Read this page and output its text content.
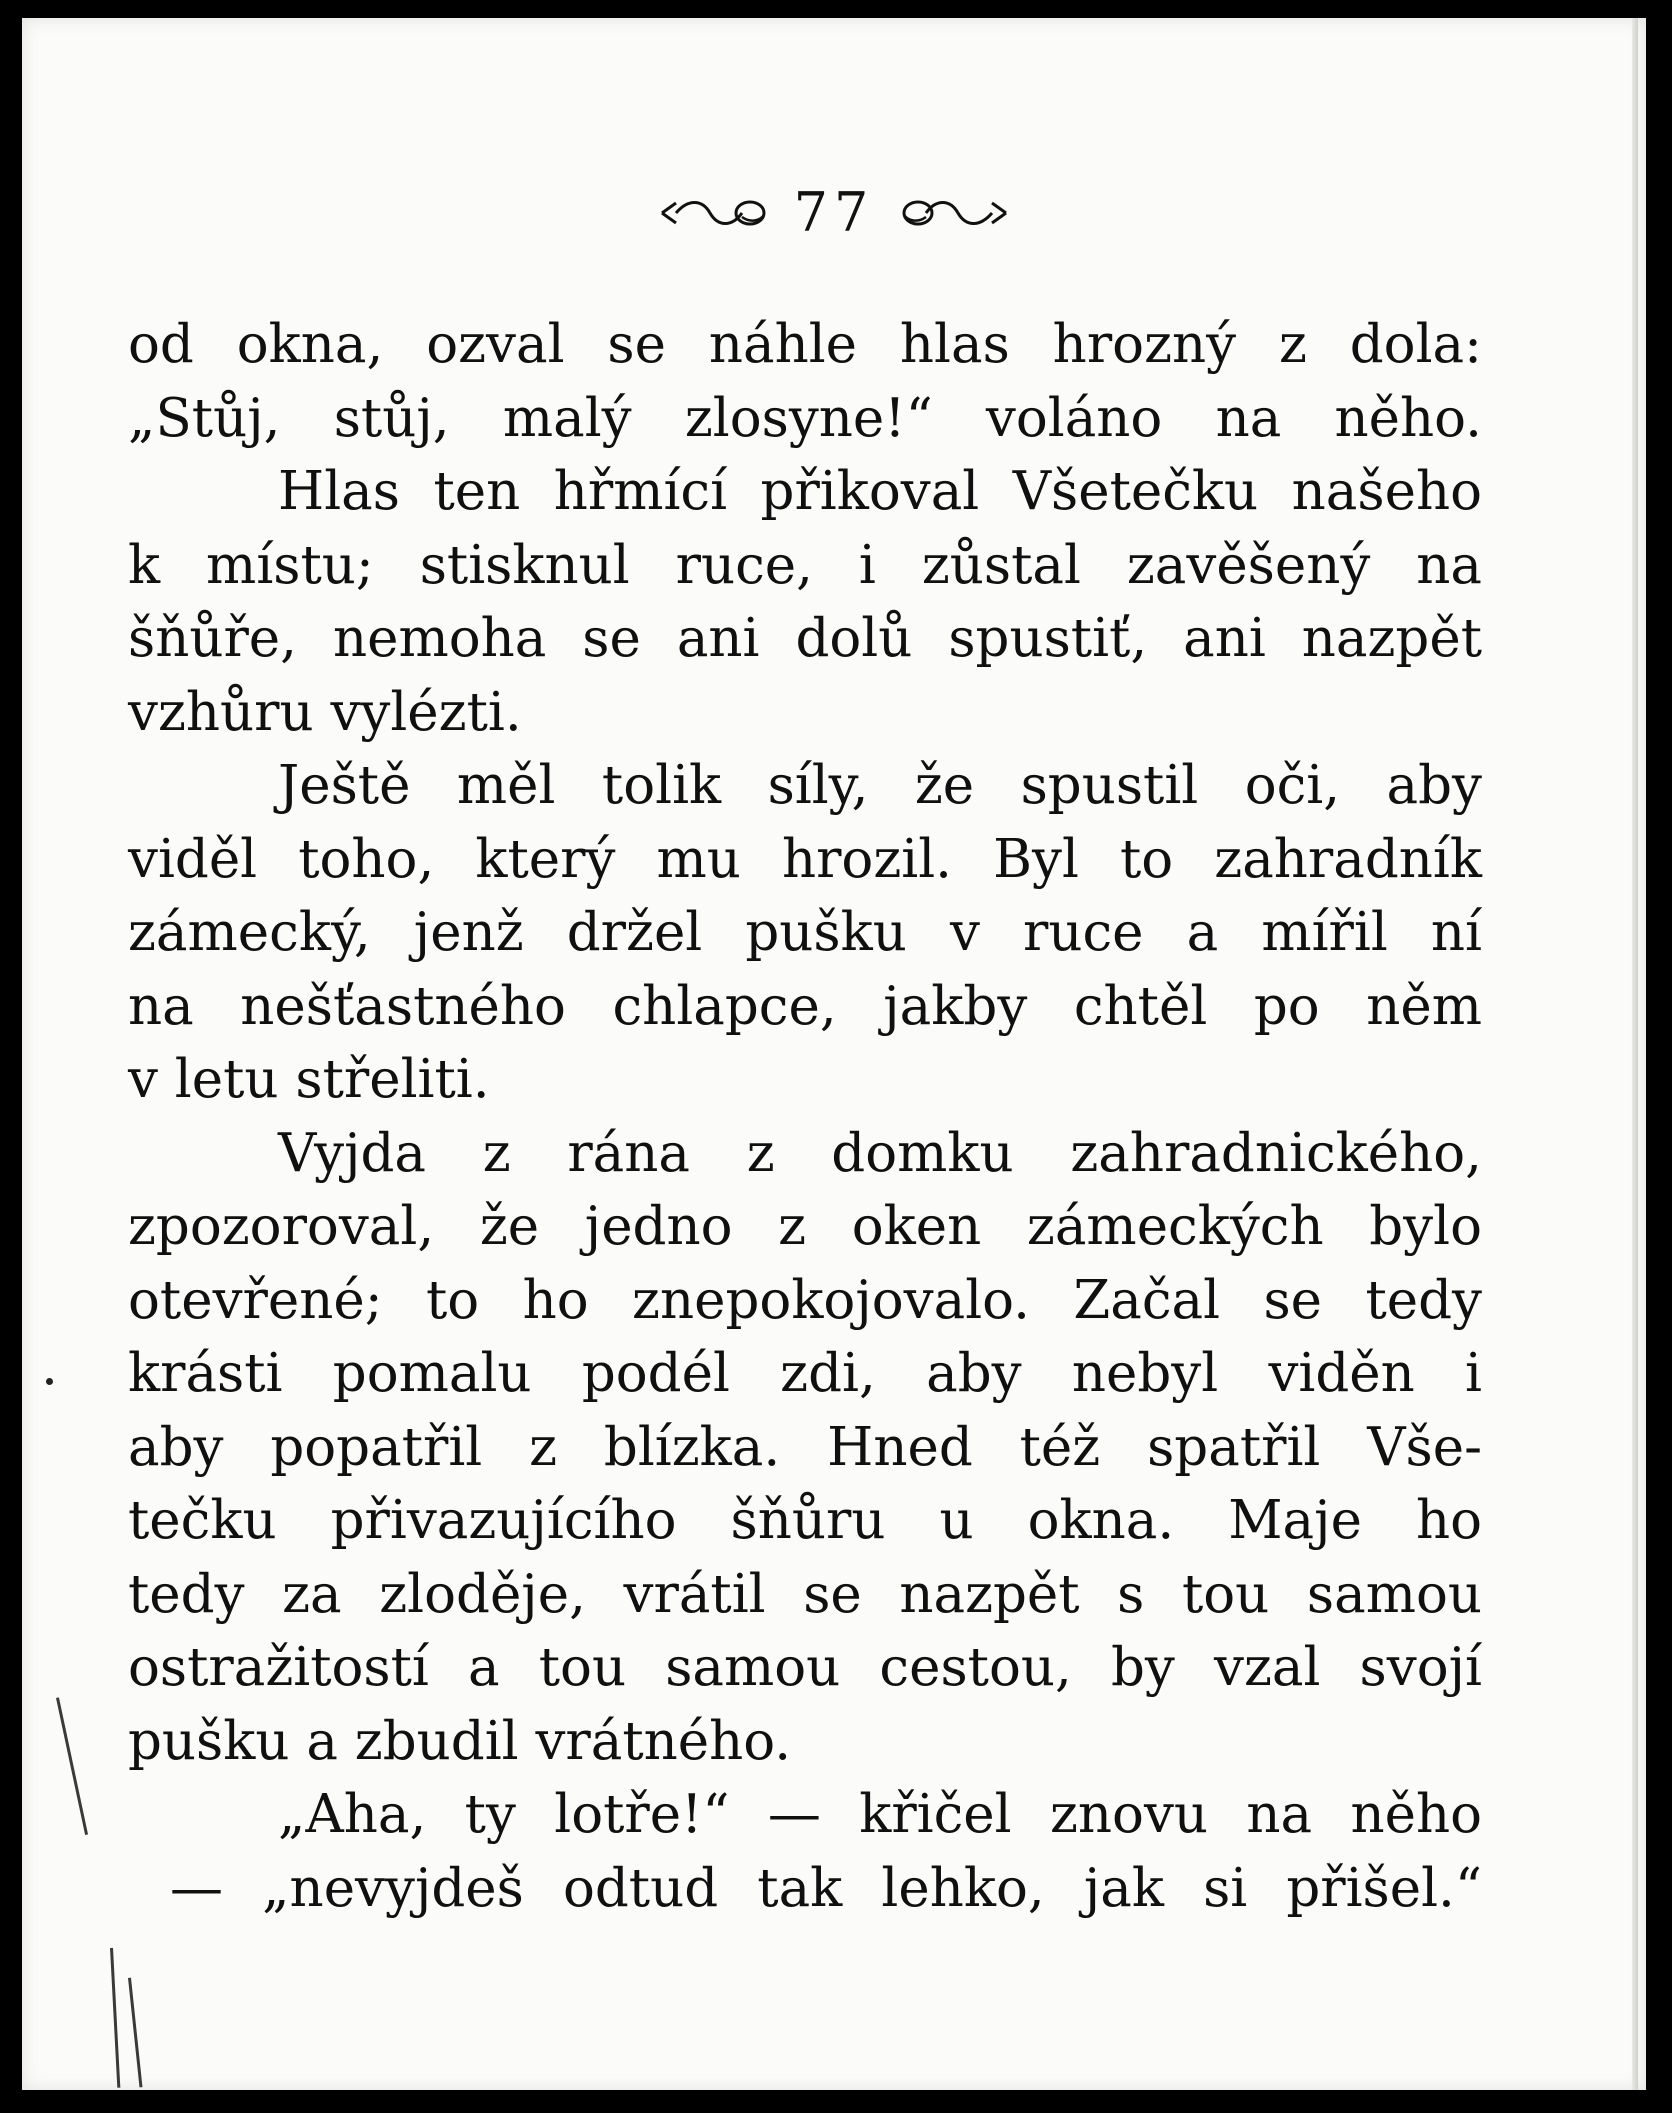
77
od okna, ozval se náhle hlas hrozný z dola:
„Stůj, stůj, malý zlosyne!“ voláno na něho.
Hlas ten hřmící přikoval Všetečku našeho
k místu; stisknul ruce, i zůstal zavěšený na
šňůře, nemoha se ani dolů spustiť, ani nazpět
vzhůru vylézti.
Ještě měl tolik síly, že spustil oči, aby
viděl toho, který mu hrozil. Byl to zahradník
zámecký, jenž držel pušku v ruce a mířil ní
na nešťastného chlapce, jakby chtěl po něm
v letu střeliti.
Vyjda z rána z domku zahradnického,
zpozoroval, že jedno z oken zámeckých bylo
otevřené; to ho znepokojovalo. Začal se tedy
krásti pomalu podél zdi, aby nebyl viděn i
aby popatřil z blízka. Hned též spatřil Vše-
tečku přivazujícího šňůru u okna. Maje ho
tedy za zloděje, vrátil se nazpět s tou samou
ostražitostí a tou samou cestou, by vzal svojí
pušku a zbudil vrátného.
„Aha, ty lotře!“ — křičel znovu na něho
— „nevyjdeš odtud tak lehko, jak si přišel.“
